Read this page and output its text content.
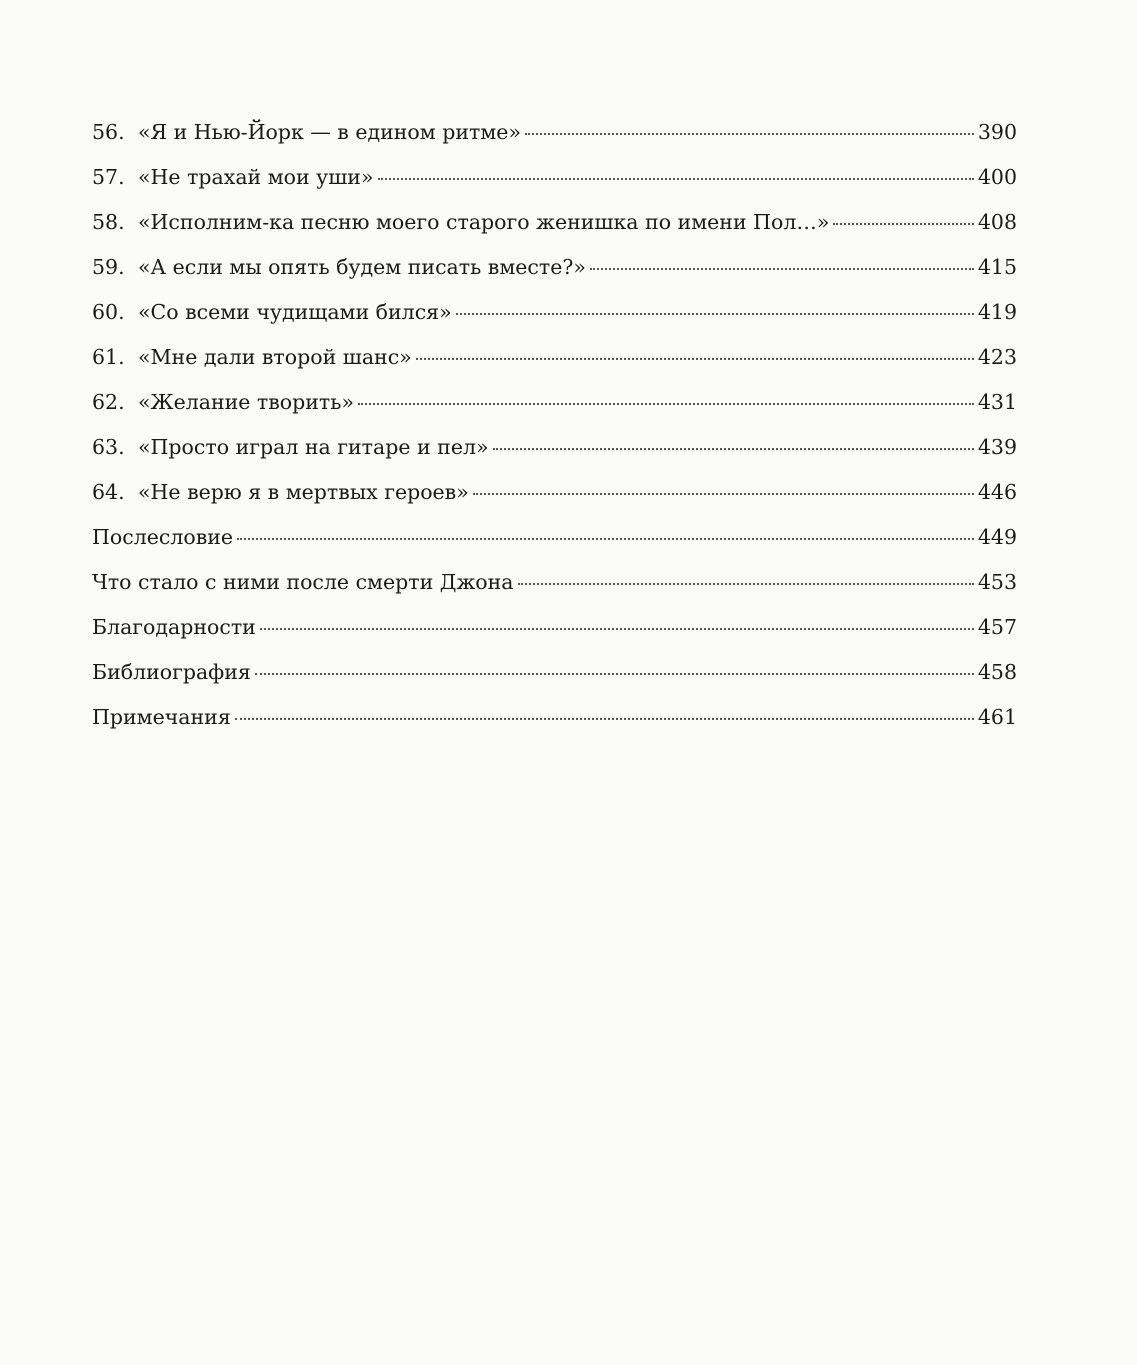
56. «Я и Нью-Йорк — в едином ритме»	390
57. «Не трахай мои уши»	400
58. «Исполним-ка песню моего старого женишка по имени Пол…»	408
59. «А если мы опять будем писать вместе?»	415
60. «Со всеми чудищами бился»	419
61. «Мне дали второй шанс»	423
62. «Желание творить»	431
63. «Просто играл на гитаре и пел»	439
64. «Не верю я в мертвых героев»	446
Послесловие	449
Что стало с ними после смерти Джона	453
Благодарности	457
Библиография	458
Примечания	461
